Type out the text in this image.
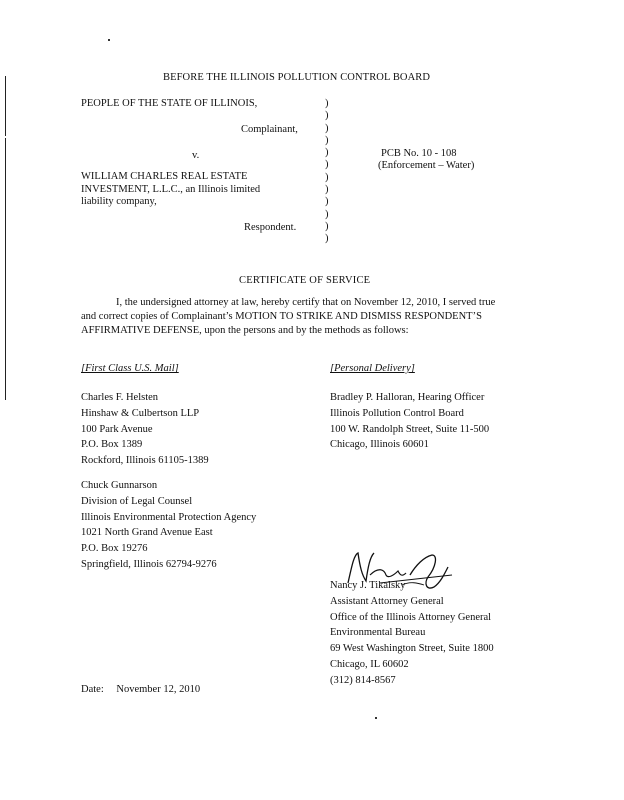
BEFORE THE ILLINOIS POLLUTION CONTROL BOARD
PEOPLE OF THE STATE OF ILLINOIS,
Complainant,
v.
WILLIAM CHARLES REAL ESTATE
INVESTMENT, L.L.C., an Illinois limited
liability company,
Respondent.
)
)
)
)
)
)
)
)
)
)
)
)
PCB No. 10 - 108
(Enforcement – Water)
CERTIFICATE OF SERVICE
I, the undersigned attorney at law, hereby certify that on November 12, 2010, I served true
and correct copies of Complainant’s MOTION TO STRIKE AND DISMISS RESPONDENT’S
AFFIRMATIVE DEFENSE, upon the persons and by the methods as follows:
[First Class U.S. Mail]	[Personal Delivery]
Charles F. Helsten
Hinshaw & Culbertson LLP
100 Park Avenue
P.O. Box 1389
Rockford, Illinois 61105-1389
Bradley P. Halloran, Hearing Officer
Illinois Pollution Control Board
100 W. Randolph Street, Suite 11-500
Chicago, Illinois 60601
Chuck Gunnarson
Division of Legal Counsel
Illinois Environmental Protection Agency
1021 North Grand Avenue East
P.O. Box 19276
Springfield, Illinois 62794-9276
Nancy J. Tikalsky
Assistant Attorney General
Office of the Illinois Attorney General
Environmental Bureau
69 West Washington Street, Suite 1800
Chicago, IL 60602
(312) 814-8567
Date: November 12, 2010
